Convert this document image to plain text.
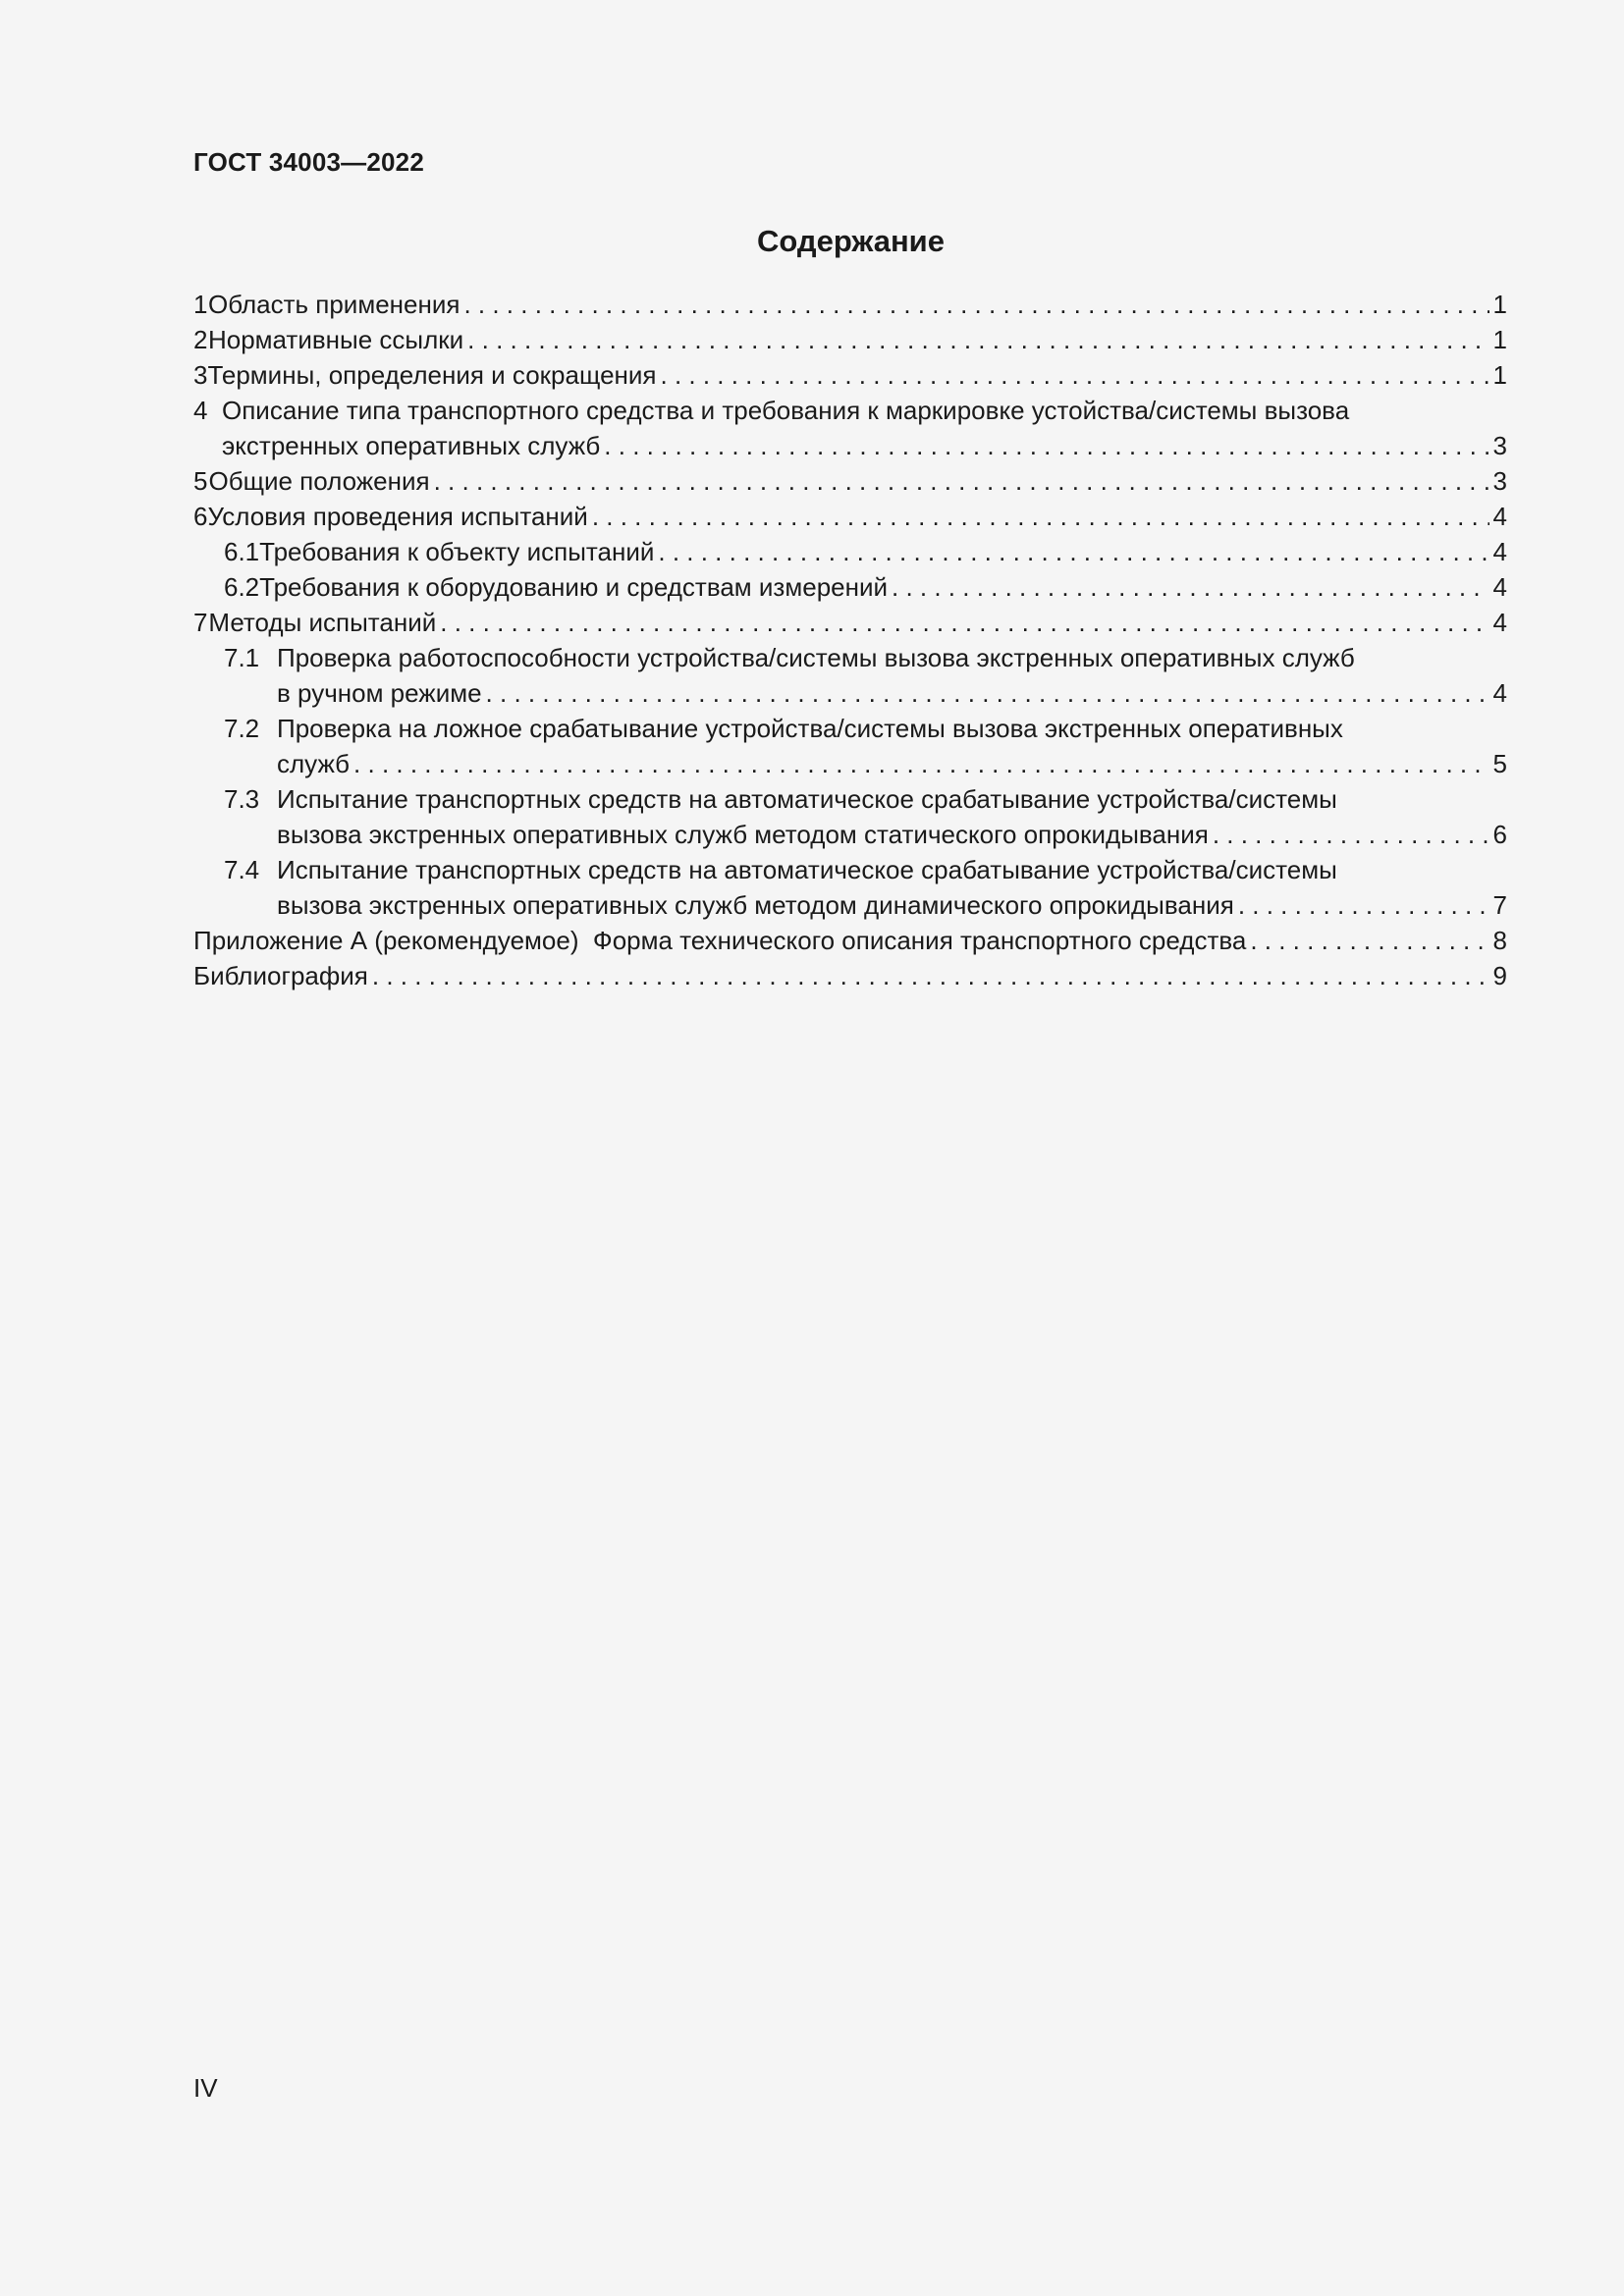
ГОСТ 34003—2022
Содержание
1 Область применения . . .	1
2 Нормативные ссылки . . .	1
3 Термины, определения и сокращения . . .	1
4 Описание типа транспортного средства и требования к маркировке устойства/системы вызова
экстренных оперативных служб . . .	3
5 Общие положения . . .	3
6 Условия проведения испытаний . . .	4
6.1 Требования к объекту испытаний . . .	4
6.2 Требования к оборудованию и средствам измерений . . .	4
7 Методы испытаний . . .	4
7.1 Проверка работоспособности устройства/системы вызова экстренных оперативных служб
в ручном режиме . . .	4
7.2 Проверка на ложное срабатывание устройства/системы вызова экстренных оперативных
служб . . .	5
7.3 Испытание транспортных средств на автоматическое срабатывание устройства/системы
вызова экстренных оперативных служб методом статического опрокидывания . . .	6
7.4 Испытание транспортных средств на автоматическое срабатывание устройства/системы
вызова экстренных оперативных служб методом динамического опрокидывания . . .	7
Приложение А (рекомендуемое)  Форма технического описания транспортного средства . . .	8
Библиография . . .	9
IV
